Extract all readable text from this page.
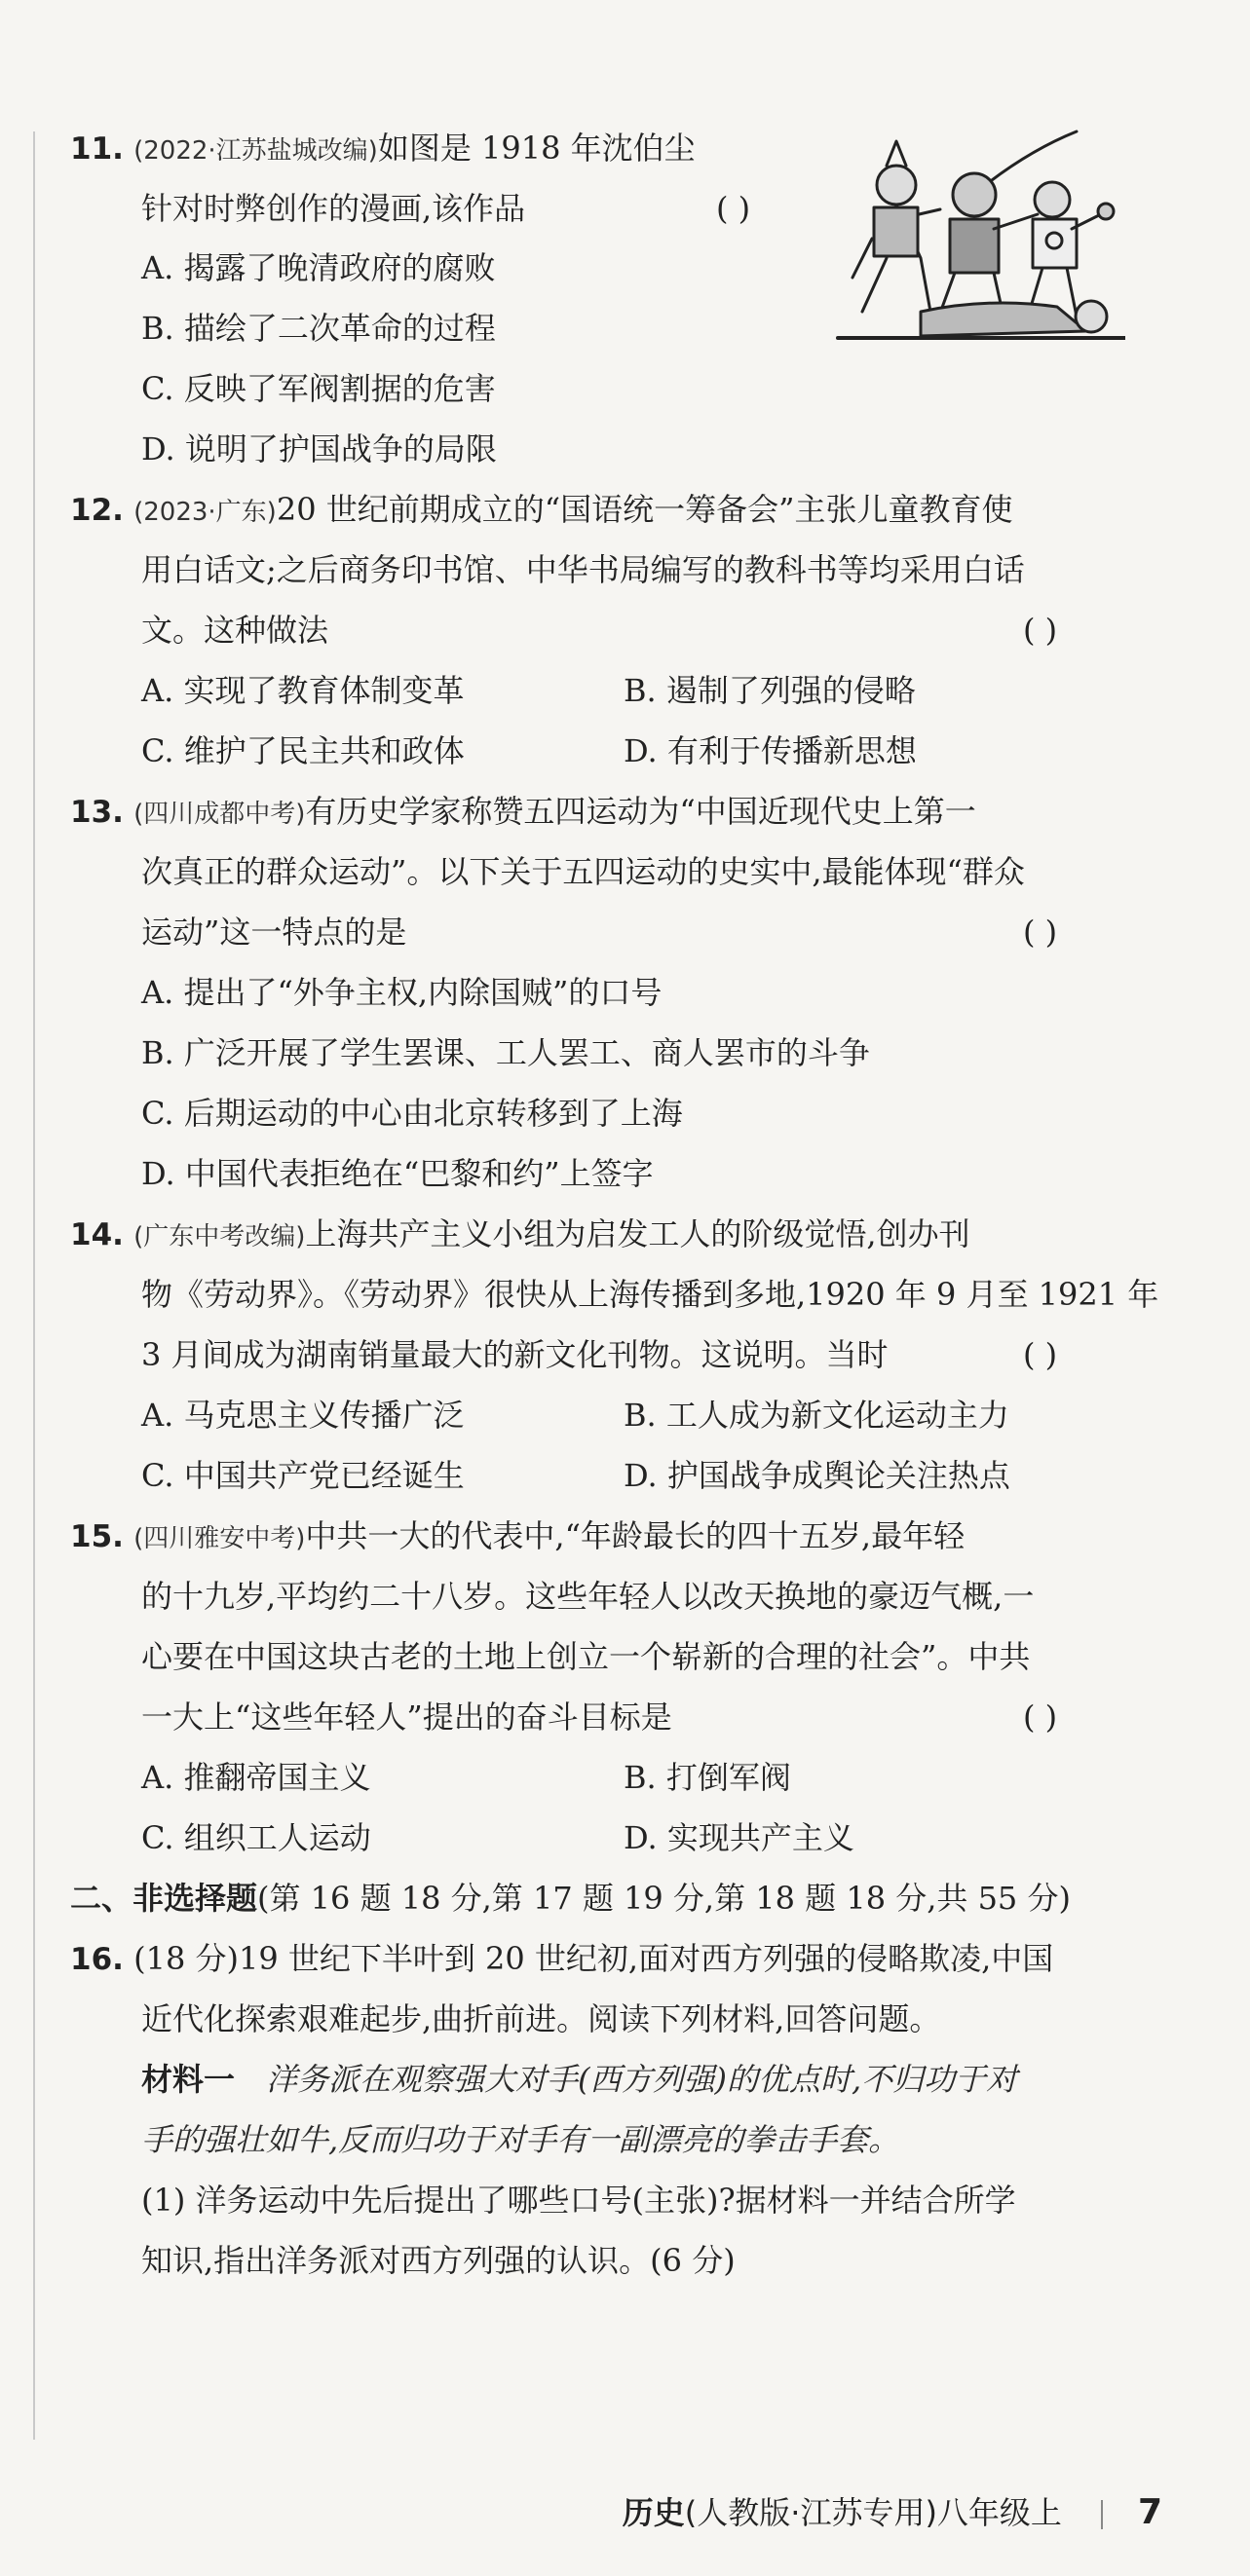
11. (2022·江苏盐城改编)如图是 1918 年沈伯尘
针对时弊创作的漫画,该作品	( )
A. 揭露了晚清政府的腐败
B. 描绘了二次革命的过程
C. 反映了军阀割据的危害
D. 说明了护国战争的局限
12. (2023·广东)20 世纪前期成立的“国语统一筹备会”主张儿童教育使
用白话文;之后商务印书馆、中华书局编写的教科书等均采用白话
文。这种做法	( )
A. 实现了教育体制变革	B. 遏制了列强的侵略
C. 维护了民主共和政体	D. 有利于传播新思想
13. (四川成都中考)有历史学家称赞五四运动为“中国近现代史上第一
次真正的群众运动”。以下关于五四运动的史实中,最能体现“群众
运动”这一特点的是	( )
A. 提出了“外争主权,内除国贼”的口号
B. 广泛开展了学生罢课、工人罢工、商人罢市的斗争
C. 后期运动的中心由北京转移到了上海
D. 中国代表拒绝在“巴黎和约”上签字
14. (广东中考改编)上海共产主义小组为启发工人的阶级觉悟,创办刊
物《劳动界》。《劳动界》很快从上海传播到多地,1920 年 9 月至 1921 年
3 月间成为湖南销量最大的新文化刊物。这说明。当时	( )
A. 马克思主义传播广泛	B. 工人成为新文化运动主力
C. 中国共产党已经诞生	D. 护国战争成舆论关注热点
15. (四川雅安中考)中共一大的代表中,“年龄最长的四十五岁,最年轻
的十九岁,平均约二十八岁。这些年轻人以改天换地的豪迈气概,一
心要在中国这块古老的土地上创立一个崭新的合理的社会”。中共
一大上“这些年轻人”提出的奋斗目标是	( )
A. 推翻帝国主义	B. 打倒军阀
C. 组织工人运动	D. 实现共产主义
二、非选择题(第 16 题 18 分,第 17 题 19 分,第 18 题 18 分,共 55 分)
16. (18 分)19 世纪下半叶到 20 世纪初,面对西方列强的侵略欺凌,中国
近代化探索艰难起步,曲折前进。阅读下列材料,回答问题。
材料一 洋务派在观察强大对手(西方列强)的优点时,不归功于对
手的强壮如牛,反而归功于对手有一副漂亮的拳击手套。
(1) 洋务运动中先后提出了哪些口号(主张)?据材料一并结合所学
知识,指出洋务派对西方列强的认识。(6 分)
历史(人教版·江苏专用)八年级上 7
